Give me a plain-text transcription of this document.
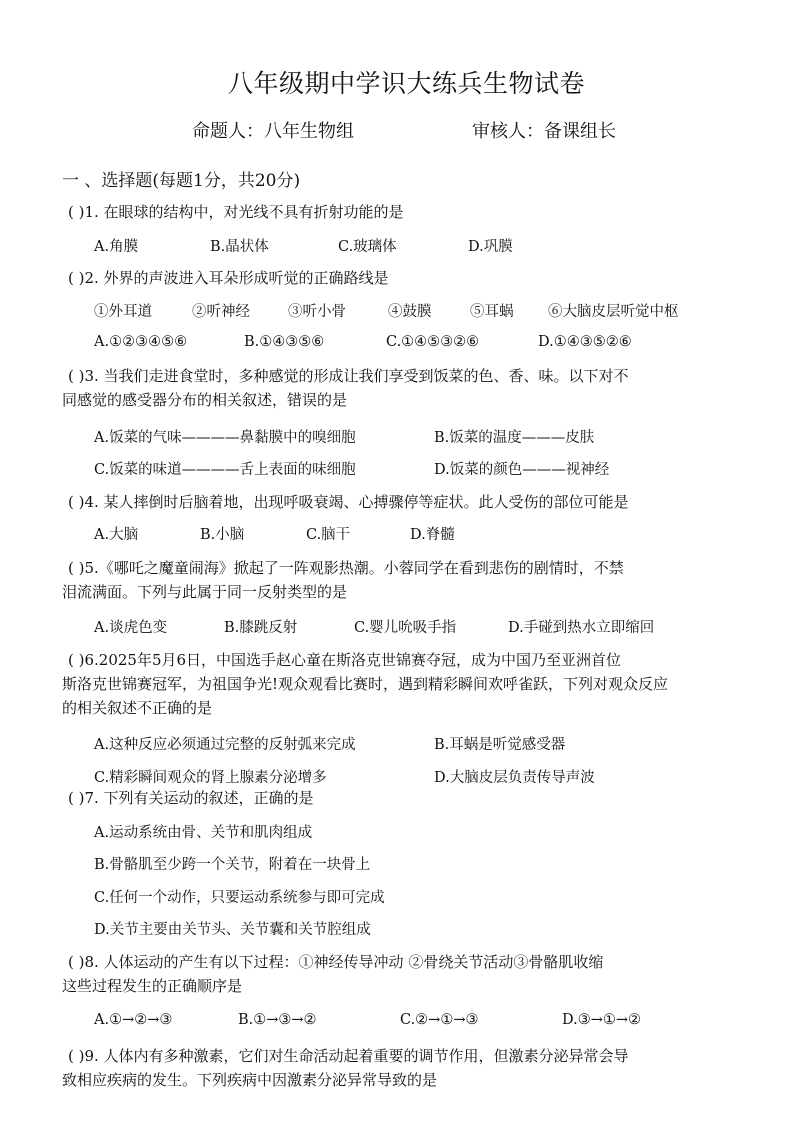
八年级期中学识大练兵生物试卷
命题人：八年生物组	审核人：备课组长
一 、选择题(每题1分，共20分)
( )1. 在眼球的结构中，对光线不具有折射功能的是
A.角膜	B.晶状体	C.玻璃体	D.巩膜
( )2. 外界的声波进入耳朵形成听觉的正确路线是
①外耳道	②听神经	③听小骨	④鼓膜	⑤耳蜗 ⑥大脑皮层听觉中枢
A.①②③④⑤⑥	B.①④③⑤⑥	C.①④⑤③②⑥	D.①④③⑤②⑥
( )3. 当我们走进食堂时，多种感觉的形成让我们享受到饭菜的色、香、味。以下对不
同感觉的感受器分布的相关叙述，错误的是
A.饭菜的气味————鼻黏膜中的嗅细胞	B.饭菜的温度———皮肤
C.饭菜的味道————舌上表面的味细胞	D.饭菜的颜色———视神经
( )4. 某人摔倒时后脑着地，出现呼吸衰竭、心搏骤停等症状。此人受伤的部位可能是
A.大脑	B.小脑	C.脑干	D.脊髓
( )5.《哪吒之魔童闹海》掀起了一阵观影热潮。小蓉同学在看到悲伤的剧情时，不禁
泪流满面。下列与此属于同一反射类型的是
A.谈虎色变	B.膝跳反射	C.婴儿吮吸手指	D.手碰到热水立即缩回
( )6.2025年5月6日，中国选手赵心童在斯洛克世锦赛夺冠，成为中国乃至亚洲首位
斯洛克世锦赛冠军，为祖国争光!观众观看比赛时，遇到精彩瞬间欢呼雀跃，下列对观众反应
的相关叙述不正确的是
A.这种反应必须通过完整的反射弧来完成	B.耳蜗是听觉感受器
C.精彩瞬间观众的肾上腺素分泌增多	D.大脑皮层负责传导声波
( )7. 下列有关运动的叙述，正确的是
A.运动系统由骨、关节和肌肉组成
B.骨骼肌至少跨一个关节，附着在一块骨上
C.任何一个动作，只要运动系统参与即可完成
D.关节主要由关节头、关节囊和关节腔组成
( )8. 人体运动的产生有以下过程：①神经传导冲动 ②骨绕关节活动③骨骼肌收缩
这些过程发生的正确顺序是
A.①→②→③	B.①→③→②	C.②→①→③	D.③→①→②
( )9. 人体内有多种激素，它们对生命活动起着重要的调节作用，但激素分泌异常会导
致相应疾病的发生。下列疾病中因激素分泌异常导致的是
